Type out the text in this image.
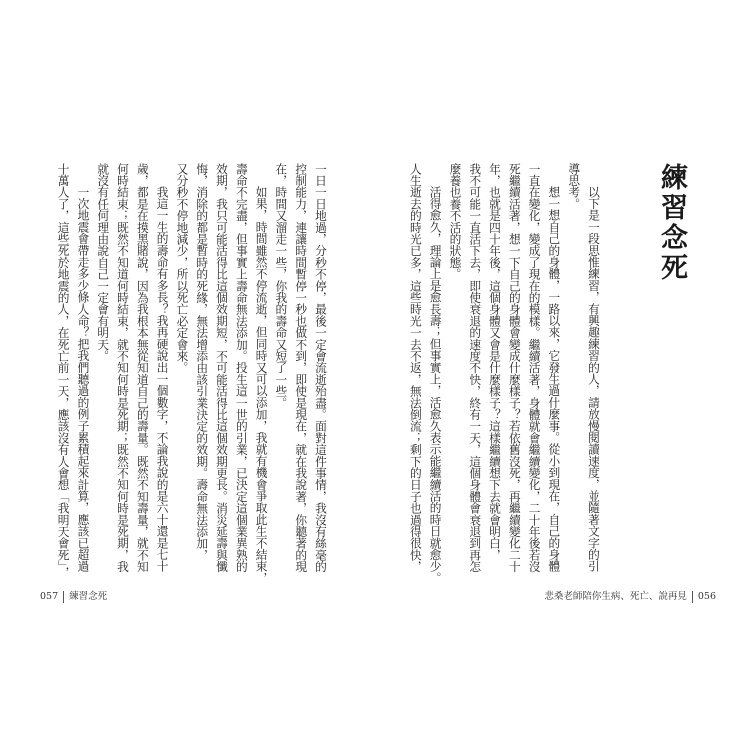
練習念死
以下是一段思惟練習，有興趣練習的人，請放慢閱讀速度，並隨著文字的引
導思考。
想一想自己的身體，一路以來，它發生過什麼事。從小到現在，自己的身體
一直在變化，變成了現在的模樣。繼續活著，身體就會繼續變化，二十年後若沒
死繼續活著，想一下自己的身體會變成什麼樣子？若依舊沒死，再繼續變化二十
年，也就是四十年後，這個身體又會是什麼樣子？這樣繼續想下去就會明白，
我不可能一直活下去，即使衰退的速度不快，終有一天，這個身體會衰退到再怎
麼養也養不活的狀態。
活得愈久，理論上是愈長壽；但事實上，活愈久表示能繼續活的時日就愈少。
人生逝去的時光已多，這些時光一去不返，無法倒流；剩下的日子也過得很快，
悲桑老師陪你生病、死亡、說再見 056
一日一日地過，分秒不停，最後一定會流逝殆盡。面對這件事情，我沒有絲毫的
控制能力，連讓時間暫停一秒也做不到，即使是現在，就在我說著，你聽著的現
在，時間又溜走一些，你我的壽命又短了一些。
如果，時間雖然不停流逝，但同時又可以添加，我就有機會爭取此生不結束，
壽命不完盡，但事實上壽命無法添加。投生這一世的引業，已決定這個業異熟的
效期，我只可能活得比這個效期短，不可能活得比這個效期更長。消災延壽與懺
悔，消除的都是暫時的死緣，無法增添由該引業決定的效期。壽命無法添加，
又分秒不停地減少，所以死亡必定會來。
我這一生的壽命有多長？我再硬說出一個數字，不論我說的是六十還是七十
歲，都是在摸黑賭說，因為我根本無從知道自己的壽量。既然不知壽量，就不知
何時結束；既然不知道何時結束，就不知何時是死期；既然不知何時是死期，我
就沒有任何理由說自己一定會有明天。
一次地震會帶走多少條人命？把我們聽過的例子累積起來計算，應該已超過
十萬人了，這些死於地震的人，在死亡前一天，應該沒有人會想「我明天會死」，
057 練習念死
